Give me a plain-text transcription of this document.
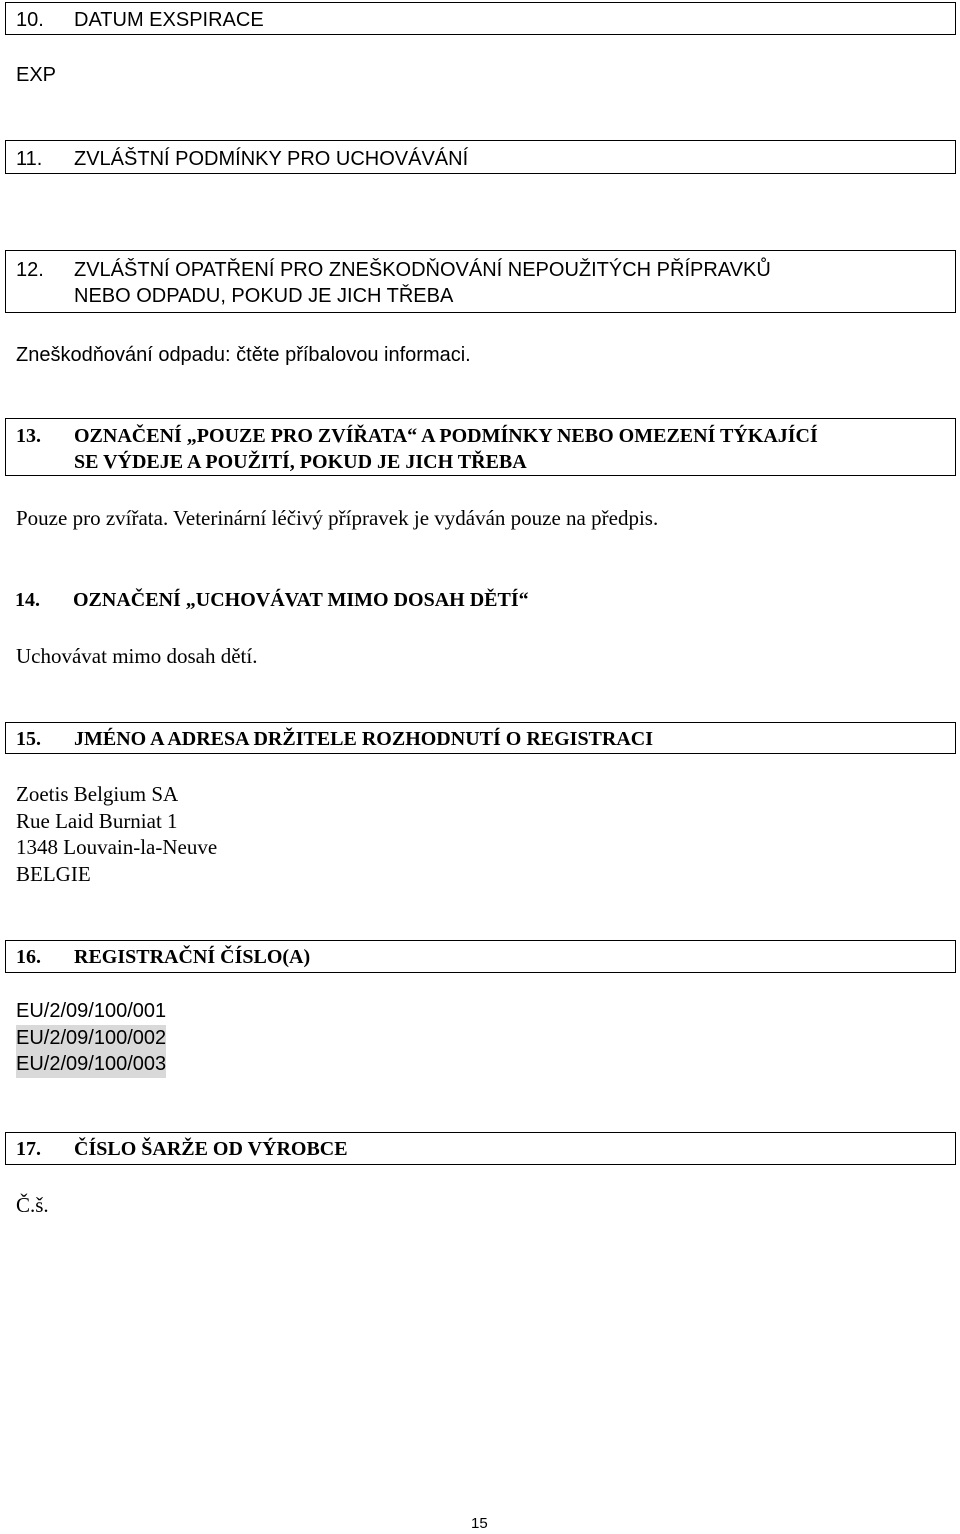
10. DATUM EXSPIRACE
EXP
11. ZVLÁŠTNÍ PODMÍNKY PRO UCHOVÁVÁNÍ
12. ZVLÁŠTNÍ OPATŘENÍ PRO ZNEŠKODŇOVÁNÍ NEPOUŽITÝCH PŘÍPRAVKŮ
NEBO ODPADU, POKUD JE JICH TŘEBA
Zneškodňování odpadu: čtěte příbalovou informaci.
13. OZNAČENÍ „POUZE PRO ZVÍŘATA“ A PODMÍNKY NEBO OMEZENÍ TÝKAJÍCÍ
SE VÝDEJE A POUŽITÍ, POKUD JE JICH TŘEBA
Pouze pro zvířata. Veterinární léčivý přípravek je vydáván pouze na předpis.
14. OZNAČENÍ „UCHOVÁVAT MIMO DOSAH DĚTÍ“
Uchovávat mimo dosah dětí.
15. JMÉNO A ADRESA DRŽITELE ROZHODNUTÍ O REGISTRACI
Zoetis Belgium SA
Rue Laid Burniat 1
1348 Louvain-la-Neuve
BELGIE
16. REGISTRAČNÍ ČÍSLO(A)
EU/2/09/100/001
EU/2/09/100/002
EU/2/09/100/003
17. ČÍSLO ŠARŽE OD VÝROBCE
Č.š.
15
